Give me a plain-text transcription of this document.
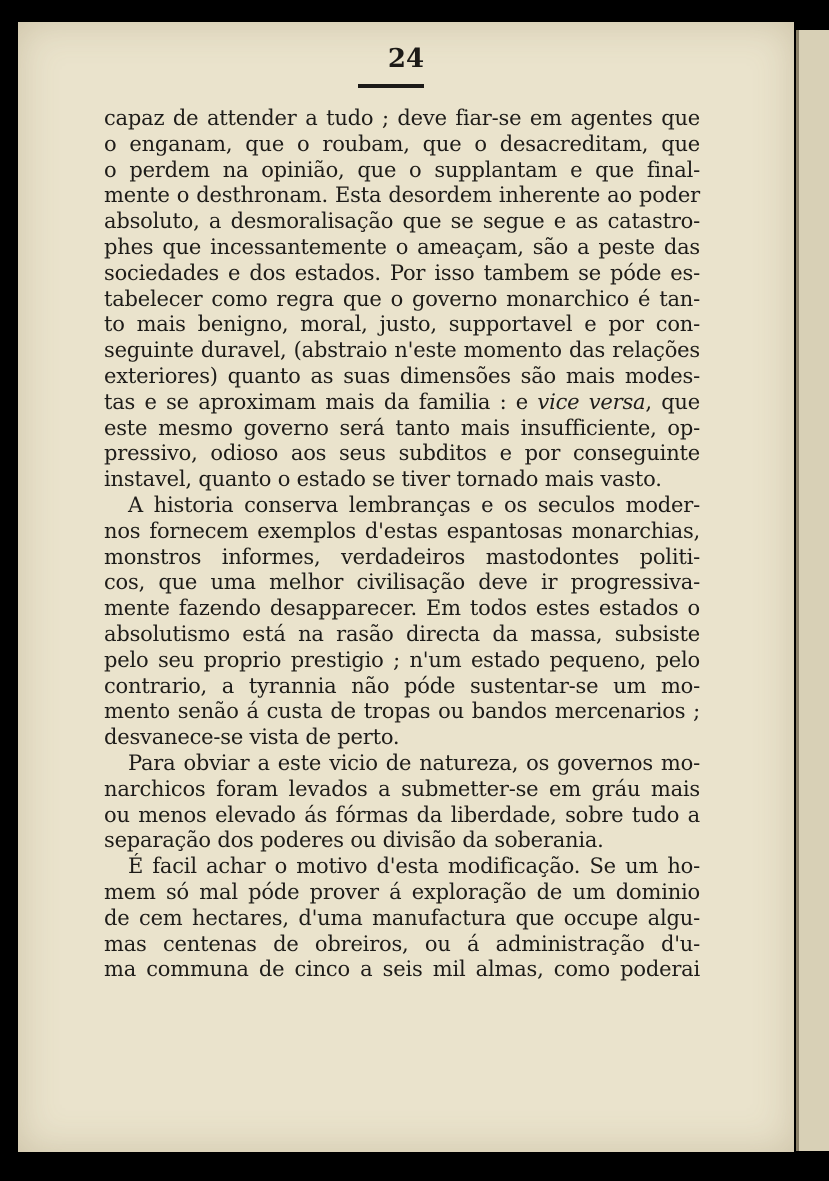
24
capaz de attender a tudo ; deve fiar-se em agentes que
o enganam, que o roubam, que o desacreditam, que
o perdem na opinião, que o supplantam e que final-
mente o desthronam. Esta desordem inherente ao poder
absoluto, a desmoralisação que se segue e as catastro-
phes que incessantemente o ameaçam, são a peste das
sociedades e dos estados. Por isso tambem se póde es-
tabelecer como regra que o governo monarchico é tan-
to mais benigno, moral, justo, supportavel e por con-
seguinte duravel, (abstraio n'este momento das relações
exteriores) quanto as suas dimensões são mais modes-
tas e se aproximam mais da familia : e vice versa, que
este mesmo governo será tanto mais insufficiente, op-
pressivo, odioso aos seus subditos e por conseguinte
instavel, quanto o estado se tiver tornado mais vasto.
A historia conserva lembranças e os seculos moder-
nos fornecem exemplos d'estas espantosas monarchias,
monstros informes, verdadeiros mastodontes politi-
cos, que uma melhor civilisação deve ir progressiva-
mente fazendo desapparecer. Em todos estes estados o
absolutismo está na rasão directa da massa, subsiste
pelo seu proprio prestigio ; n'um estado pequeno, pelo
contrario, a tyrannia não póde sustentar-se um mo-
mento senão á custa de tropas ou bandos mercenarios ;
desvanece-se vista de perto.
Para obviar a este vicio de natureza, os governos mo-
narchicos foram levados a submetter-se em gráu mais
ou menos elevado ás fórmas da liberdade, sobre tudo a
separação dos poderes ou divisão da soberania.
É facil achar o motivo d'esta modificação. Se um ho-
mem só mal póde prover á exploração de um dominio
de cem hectares, d'uma manufactura que occupe algu-
mas centenas de obreiros, ou á administração d'u-
ma communa de cinco a seis mil almas, como poderai
